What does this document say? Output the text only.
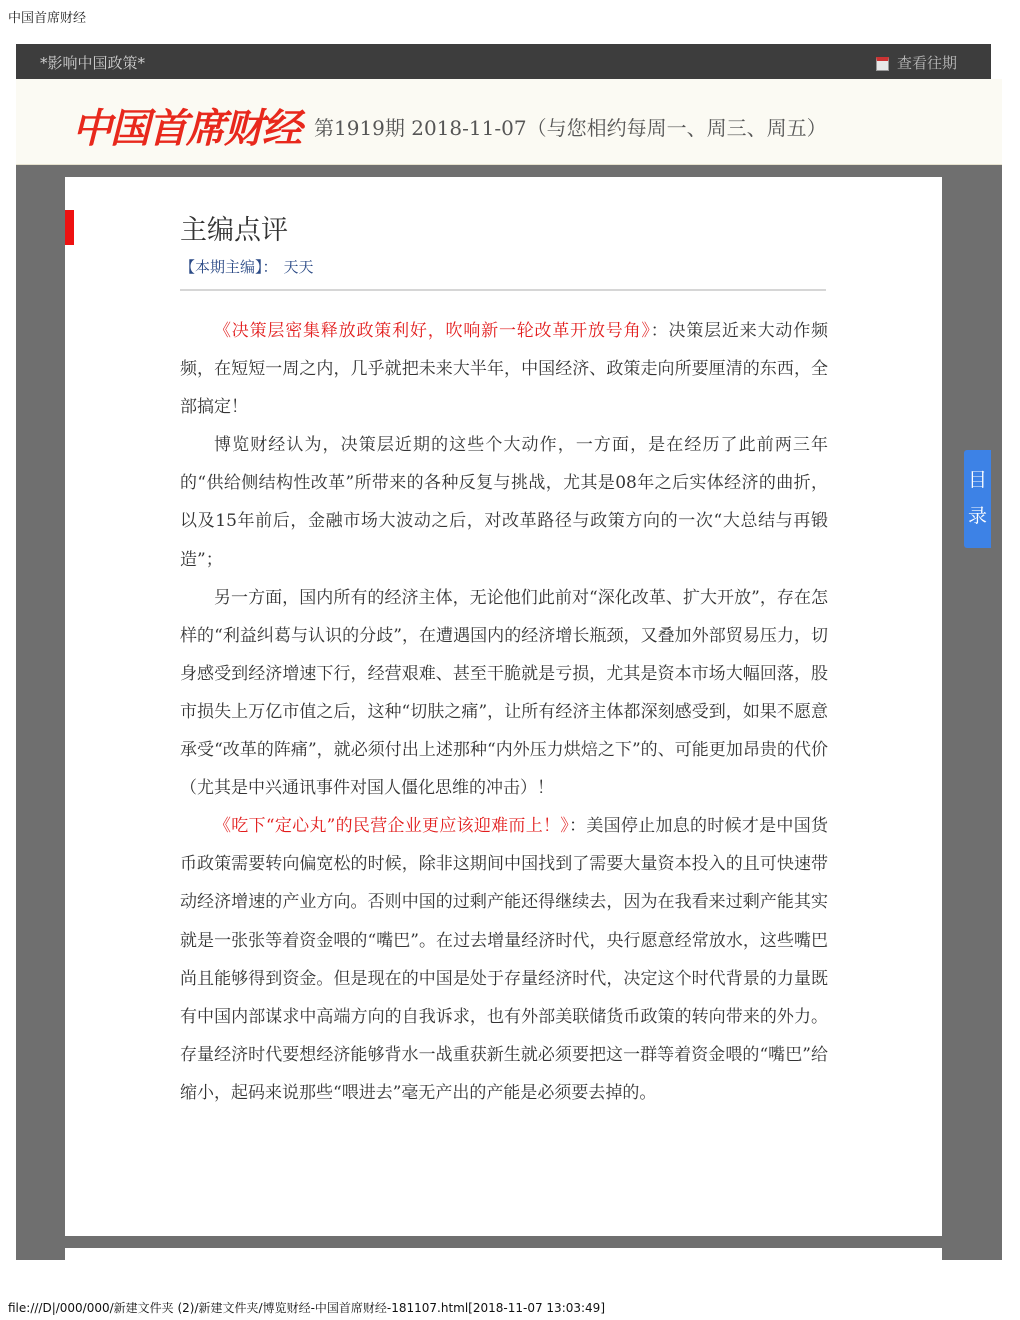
中国首席财经
*影响中国政策*	查看往期
中国首席财经 第1919期 2018-11-07（与您相约每周一、周三、周五）
主编点评
【本期主编】： 天天

《决策层密集释放政策利好，吹响新一轮改革开放号角》：决策层近来大动作频频，在短短一周之内，几乎就把未来大半年，中国经济、政策走向所要厘清的东西，全部搞定！

博览财经认为，决策层近期的这些个大动作，一方面，是在经历了此前两三年的“供给侧结构性改革”所带来的各种反复与挑战，尤其是08年之后实体经济的曲折，以及15年前后，金融市场大波动之后，对改革路径与政策方向的一次“大总结与再锻造”；

另一方面，国内所有的经济主体，无论他们此前对“深化改革、扩大开放”，存在怎样的“利益纠葛与认识的分歧”，在遭遇国内的经济增长瓶颈，又叠加外部贸易压力，切身感受到经济增速下行，经营艰难、甚至干脆就是亏损，尤其是资本市场大幅回落，股市损失上万亿市值之后，这种“切肤之痛”，让所有经济主体都深刻感受到，如果不愿意承受“改革的阵痛”，就必须付出上述那种“内外压力烘焙之下”的、可能更加昂贵的代价（尤其是中兴通讯事件对国人僵化思维的冲击）！

《吃下“定心丸”的民营企业更应该迎难而上！》：美国停止加息的时候才是中国货币政策需要转向偏宽松的时候，除非这期间中国找到了需要大量资本投入的且可快速带动经济增速的产业方向。否则中国的过剩产能还得继续去，因为在我看来过剩产能其实就是一张张等着资金喂的“嘴巴”。在过去增量经济时代，央行愿意经常放水，这些嘴巴尚且能够得到资金。但是现在的中国是处于存量经济时代，决定这个时代背景的力量既有中国内部谋求中高端方向的自我诉求，也有外部美联储货币政策的转向带来的外力。存量经济时代要想经济能够背水一战重获新生就必须要把这一群等着资金喂的“嘴巴”给缩小，起码来说那些“喂进去”毫无产出的产能是必须要去掉的。

目
录
file:///D|/000/000/新建文件夹 (2)/新建文件夹/博览财经-中国首席财经-181107.html[2018-11-07 13:03:49]
